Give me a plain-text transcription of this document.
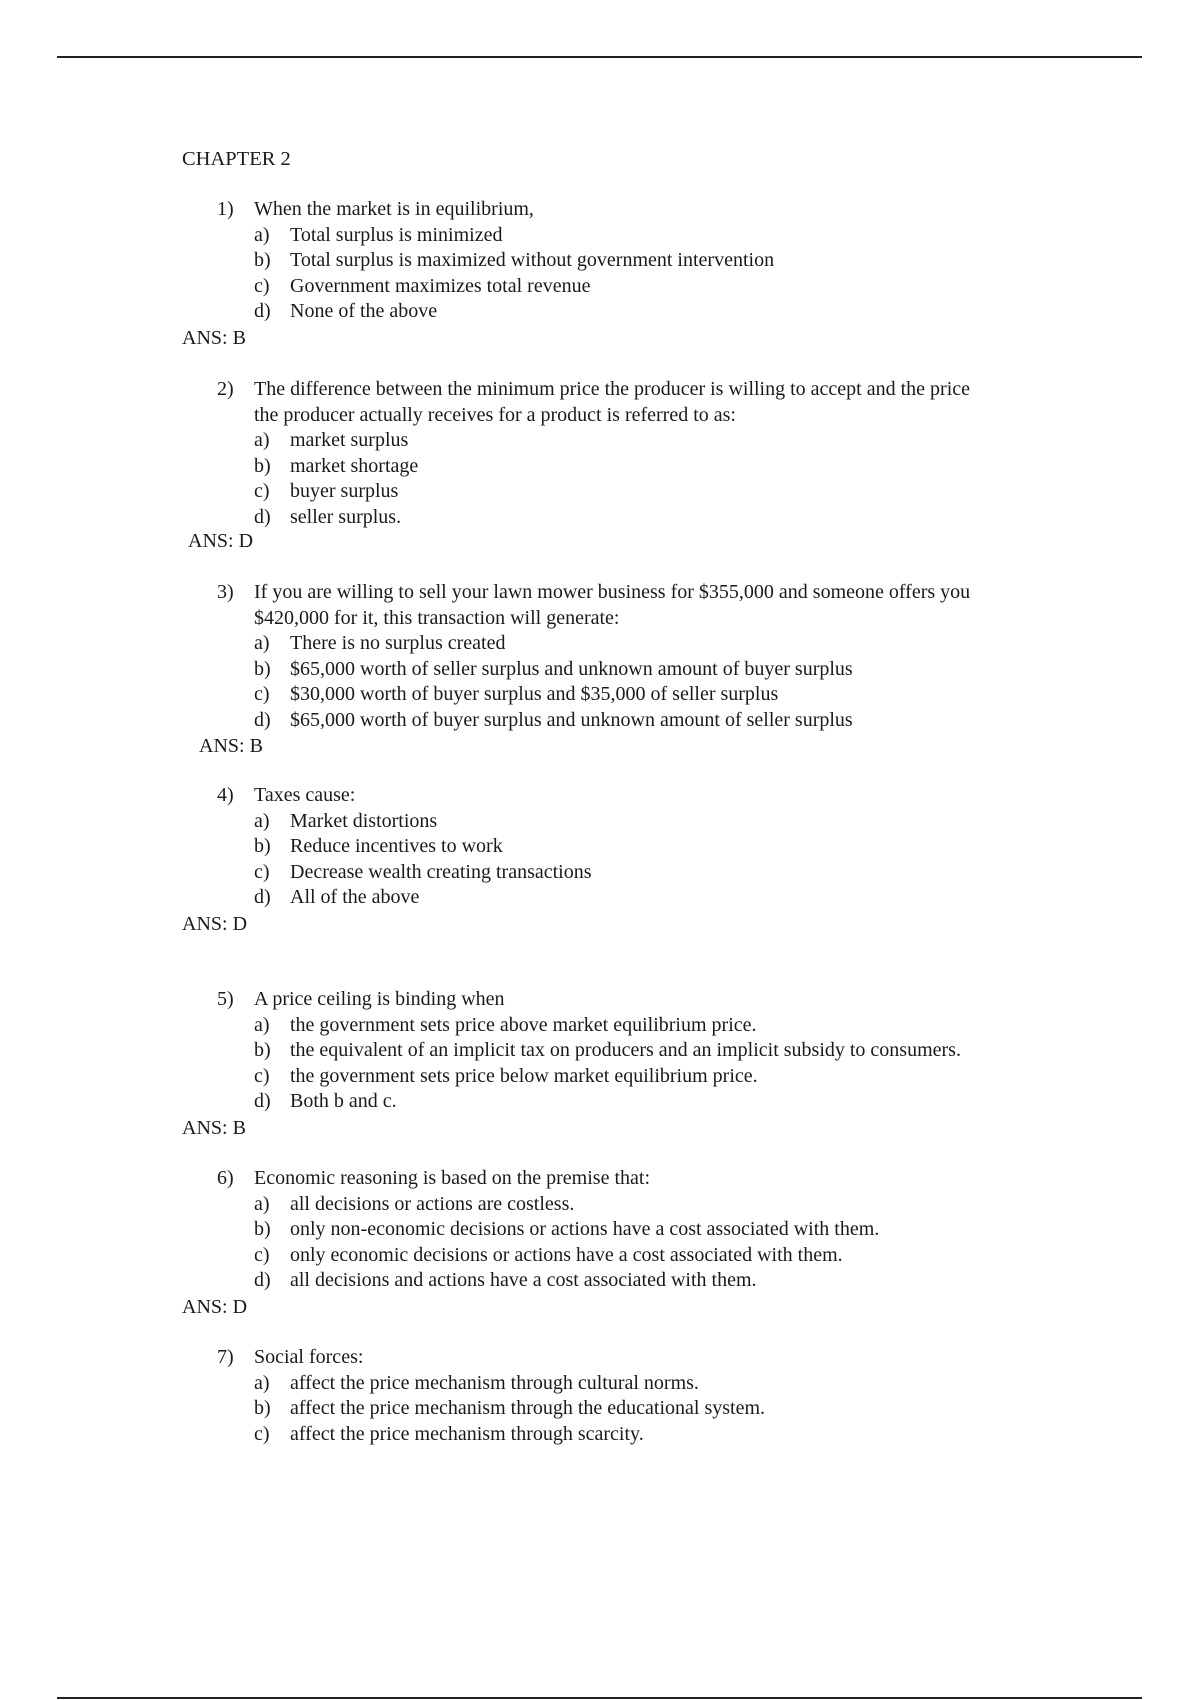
CHAPTER 2
1)	When the market is in equilibrium,
a)	Total surplus is minimized
b) Total surplus is maximized without government intervention
c)	Government maximizes total revenue
d) None of the above
ANS: B
2)	The difference between the minimum price the producer is willing to accept and the price
the producer actually receives for a product is referred to as:
a)	market surplus
b) market shortage
c)	buyer surplus
d) seller surplus.
ANS: D
3)	If you are willing to sell your lawn mower business for $355,000 and someone offers you
$420,000 for it, this transaction will generate:
a)	There is no surplus created
b) $65,000 worth of seller surplus and unknown amount of buyer surplus
c)	$30,000 worth of buyer surplus and $35,000 of seller surplus
d) $65,000 worth of buyer surplus and unknown amount of seller surplus
ANS: B
4)	Taxes cause:
a)	Market distortions
b) Reduce incentives to work
c)	Decrease wealth creating transactions
d) All of the above
ANS: D
5)	A price ceiling is binding when
a)	the government sets price above market equilibrium price.
b) the equivalent of an implicit tax on producers and an implicit subsidy to consumers.
c)	the government sets price below market equilibrium price.
d) Both b and c.
ANS: B
6)	Economic reasoning is based on the premise that:
a)	all decisions or actions are costless.
b) only non-economic decisions or actions have a cost associated with them.
c)	only economic decisions or actions have a cost associated with them.
d) all decisions and actions have a cost associated with them.
ANS: D
7)	Social forces:
a)	affect the price mechanism through cultural norms.
b) affect the price mechanism through the educational system.
c)	affect the price mechanism through scarcity.
